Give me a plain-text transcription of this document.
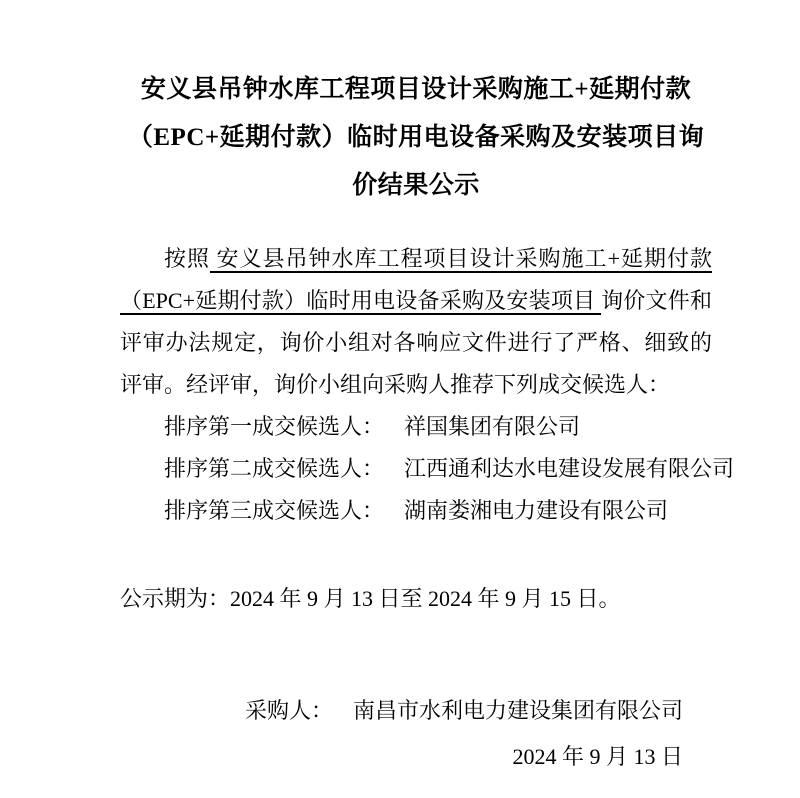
安义县吊钟水库工程项目设计采购施工+延期付款（EPC+延期付款）临时用电设备采购及安装项目询价结果公示

按照 安义县吊钟水库工程项目设计采购施工+延期付款（EPC+延期付款）临时用电设备采购及安装项目 询价文件和评审办法规定，询价小组对各响应文件进行了严格、细致的评审。经评审，询价小组向采购人推荐下列成交候选人：

排序第一成交候选人： 祥国集团有限公司
排序第二成交候选人： 江西通利达水电建设发展有限公司
排序第三成交候选人： 湖南娄湘电力建设有限公司
公示期为：2024 年 9 月 13 日至 2024 年 9 月 15 日。
采购人： 南昌市水利电力建设集团有限公司
2024 年 9 月 13 日
